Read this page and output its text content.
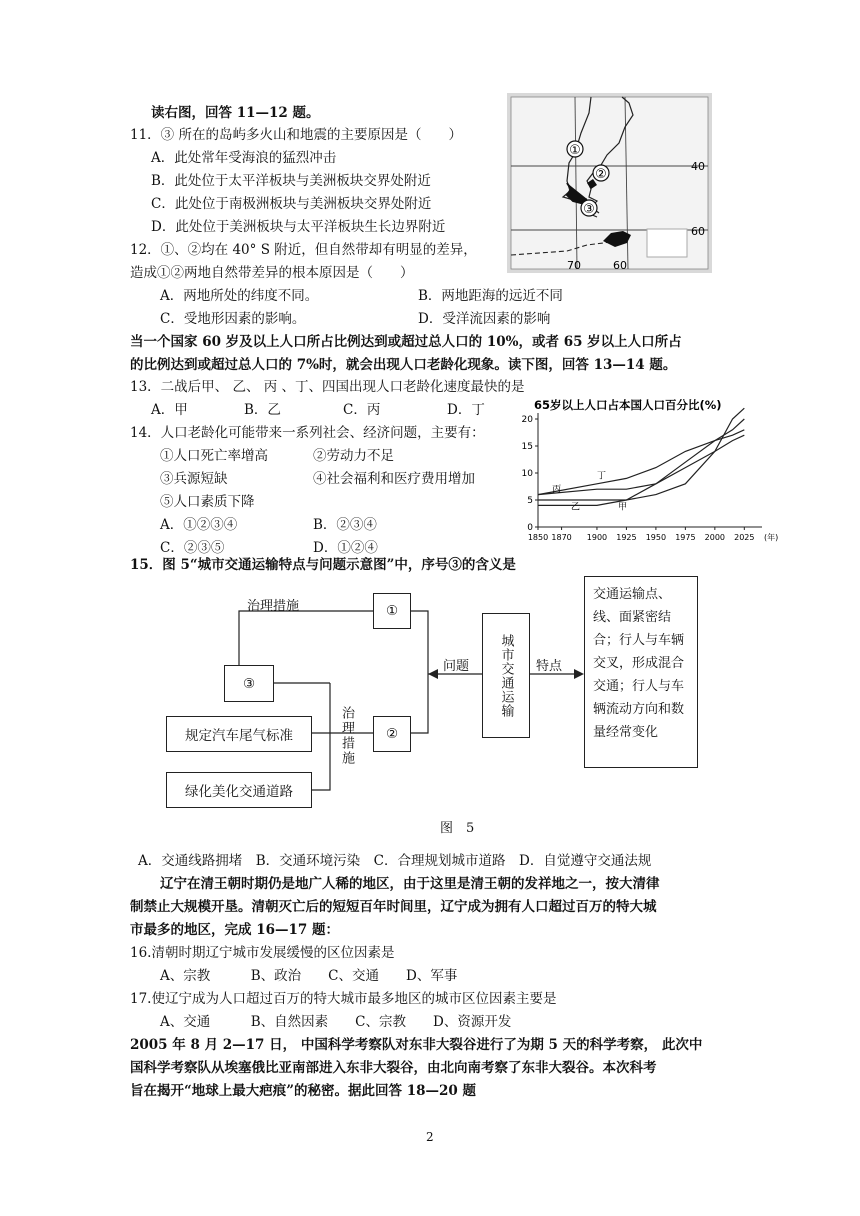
读右图，回答 11—12 题。
11．③ 所在的岛屿多火山和地震的主要原因是（　　）
A．此处常年受海浪的猛烈冲击
B．此处位于太平洋板块与美洲板块交界处附近
C．此处位于南极洲板块与美洲板块交界处附近
D．此处位于美洲板块与太平洋板块生长边界附近
12．①、②均在 40° S 附近，但自然带却有明显的差异，
造成①②两地自然带差异的根本原因是（　　）
A．两地所处的纬度不同。	B．两地距海的远近不同
C．受地形因素的影响。	D．受洋流因素的影响
①
②
③
40
60
70	60
当一个国家 60 岁及以上人口所占比例达到或超过总人口的 10%，或者 65 岁以上人口所占
的比例达到或超过总人口的 7%时，就会出现人口老龄化现象。读下图，回答 13—14 题。
13．二战后甲、 乙、 丙 、丁、四国出现人口老龄化速度最快的是
A．甲	B．乙	C．丙	D．丁
14．人口老龄化可能带来一系列社会、经济问题，主要有：
①人口死亡率增高	②劳动力不足
③兵源短缺	④社会福利和医疗费用增加
⑤人口素质下降
A．①②③④	B．②③④
C．②③⑤	D．①②④
65岁以上人口占本国人口百分比(%)
丁
丙
乙	甲
20
15
10
5
0
1850 1870 1900 1925 1950 1975 2000 2025 (年)
15．图 5“城市交通运输特点与问题示意图”中，序号③的含义是
治理措施	①
③
治理措施
规定汽车尾气标准	②
绿化美化交通道路
问题 城市交通运输 特点
交通运输点、线、面紧密结合；行人与车辆交叉，形成混合交通；行人与车辆流动方向和数量经常变化
图　5
A．交通线路拥堵　B．交通环境污染　C．合理规划城市道路　D．自觉遵守交通法规
辽宁在清王朝时期仍是地广人稀的地区，由于这里是清王朝的发祥地之一，按大清律
制禁止大规模开垦。清朝灭亡后的短短百年时间里，辽宁成为拥有人口超过百万的特大城
市最多的地区，完成 16—17 题：
16.清朝时期辽宁城市发展缓慢的区位因素是
A、宗教　　　B、政治　　C、交通　　D、军事
17.使辽宁成为人口超过百万的特大城市最多地区的城市区位因素主要是
A、交通　　　B、自然因素　　C、宗教　　D、资源开发
2005 年 8 月 2—17 日， 中国科学考察队对东非大裂谷进行了为期 5 天的科学考察， 此次中
国科学考察队从埃塞俄比亚南部进入东非大裂谷，由北向南考察了东非大裂谷。本次科考
旨在揭开“地球上最大疤痕”的秘密。据此回答 18—20 题
2
